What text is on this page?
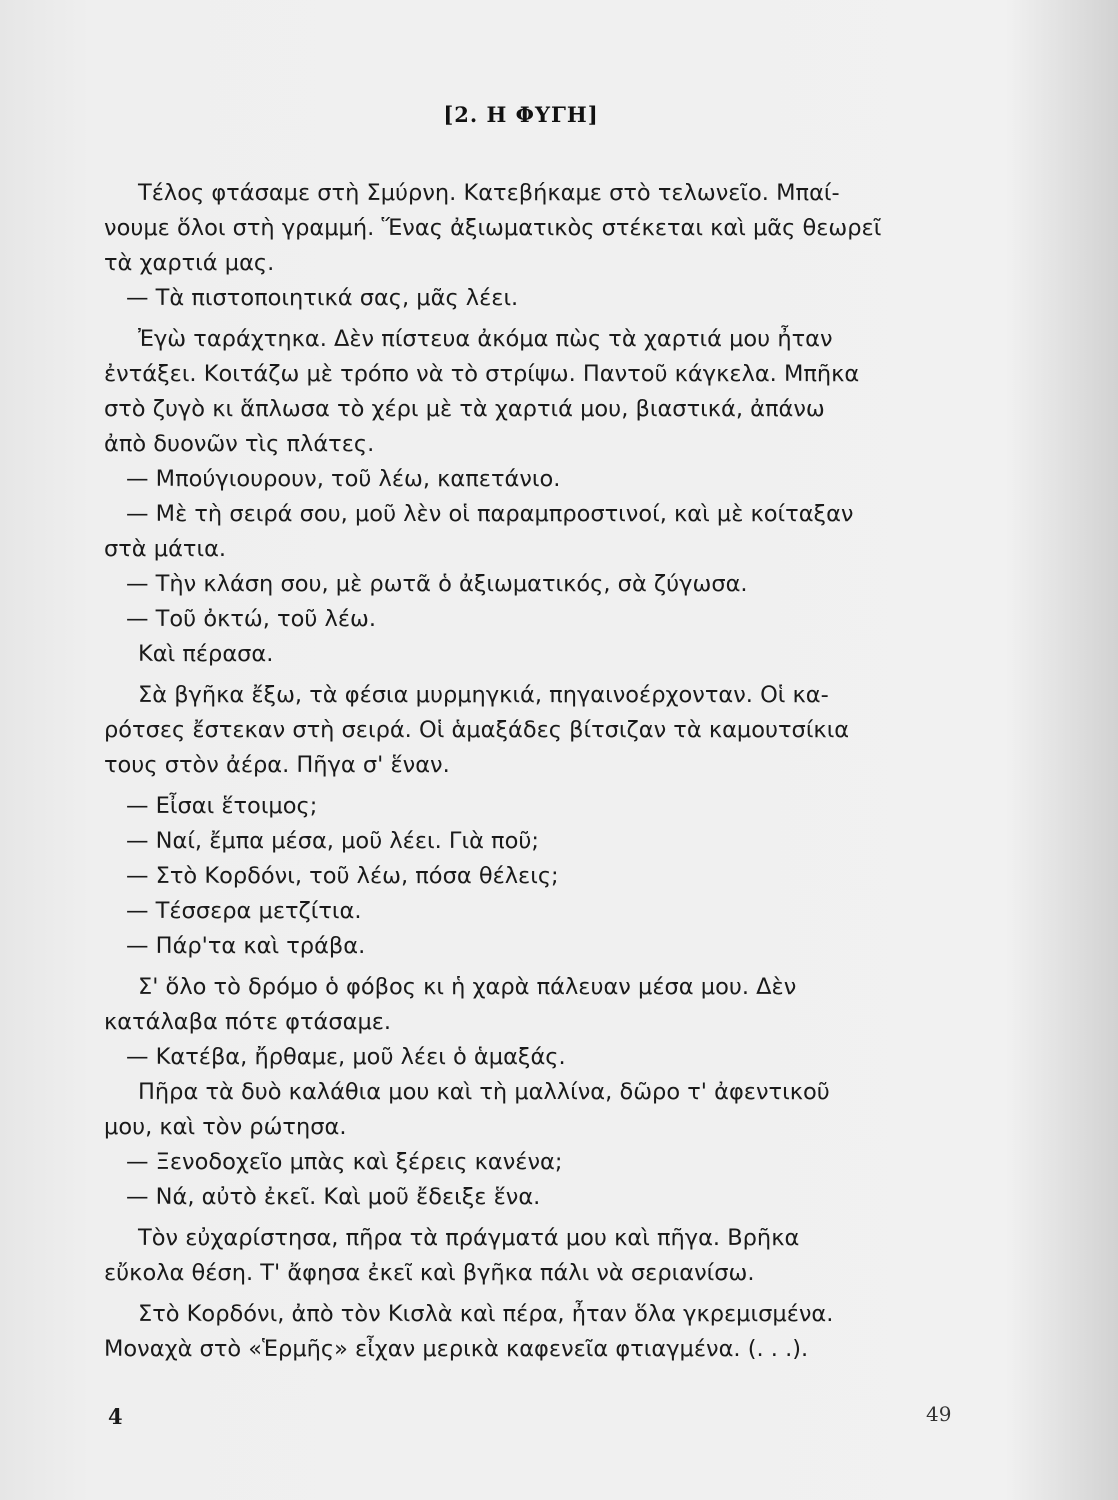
[2. Η ΦΥΓΗ]

Τέλος φτάσαμε στὴ Σμύρνη. Κατεβήκαμε στὸ τελωνεῖο. Μπαί-

νουμε ὅλοι στὴ γραμμή. Ἕνας ἀξιωματικὸς στέκεται καὶ μᾶς θεωρεῖ

τὰ χαρτιά μας.

— Τὰ πιστοποιητικά σας, μᾶς λέει.

Ἐγὼ ταράχτηκα. Δὲν πίστευα ἀκόμα πὼς τὰ χαρτιά μου ἦταν

ἐντάξει. Κοιτάζω μὲ τρόπο νὰ τὸ στρίψω. Παντοῦ κάγκελα. Μπῆκα

στὸ ζυγὸ κι ἅπλωσα τὸ χέρι μὲ τὰ χαρτιά μου, βιαστικά, ἀπάνω

ἀπὸ δυονῶν τὶς πλάτες.

— Μπούγιουρουν, τοῦ λέω, καπετάνιο.

— Μὲ τὴ σειρά σου, μοῦ λὲν οἱ παραμπροστινοί, καὶ μὲ κοίταξαν

στὰ μάτια.

— Τὴν κλάση σου, μὲ ρωτᾶ ὁ ἀξιωματικός, σὰ ζύγωσα.

— Τοῦ ὀκτώ, τοῦ λέω.

Καὶ πέρασα.

Σὰ βγῆκα ἔξω, τὰ φέσια μυρμηγκιά, πηγαινοέρχονταν. Οἱ κα-

ρότσες ἔστεκαν στὴ σειρά. Οἱ ἁμαξάδες βίτσιζαν τὰ καμουτσίκια

τους στὸν ἀέρα. Πῆγα σ' ἕναν.

— Εἶσαι ἕτοιμος;

— Ναί, ἔμπα μέσα, μοῦ λέει. Γιὰ ποῦ;

— Στὸ Κορδόνι, τοῦ λέω, πόσα θέλεις;

— Τέσσερα μετζίτια.

— Πάρ'τα καὶ τράβα.

Σ' ὅλο τὸ δρόμο ὁ φόβος κι ἡ χαρὰ πάλευαν μέσα μου. Δὲν

κατάλαβα πότε φτάσαμε.

— Κατέβα, ἤρθαμε, μοῦ λέει ὁ ἁμαξάς.

Πῆρα τὰ δυὸ καλάθια μου καὶ τὴ μαλλίνα, δῶρο τ' ἀφεντικοῦ

μου, καὶ τὸν ρώτησα.

— Ξενοδοχεῖο μπὰς καὶ ξέρεις κανένα;

— Νά, αὐτὸ ἐκεῖ. Καὶ μοῦ ἔδειξε ἕνα.

Τὸν εὐχαρίστησα, πῆρα τὰ πράγματά μου καὶ πῆγα. Βρῆκα

εὔκολα θέση. Τ' ἄφησα ἐκεῖ καὶ βγῆκα πάλι νὰ σεριανίσω.

Στὸ Κορδόνι, ἀπὸ τὸν Κισλὰ καὶ πέρα, ἦταν ὅλα γκρεμισμένα.

Μοναχὰ στὸ «Ἑρμῆς» εἶχαν μερικὰ καφενεῖα φτιαγμένα. (. . .).

4	49
